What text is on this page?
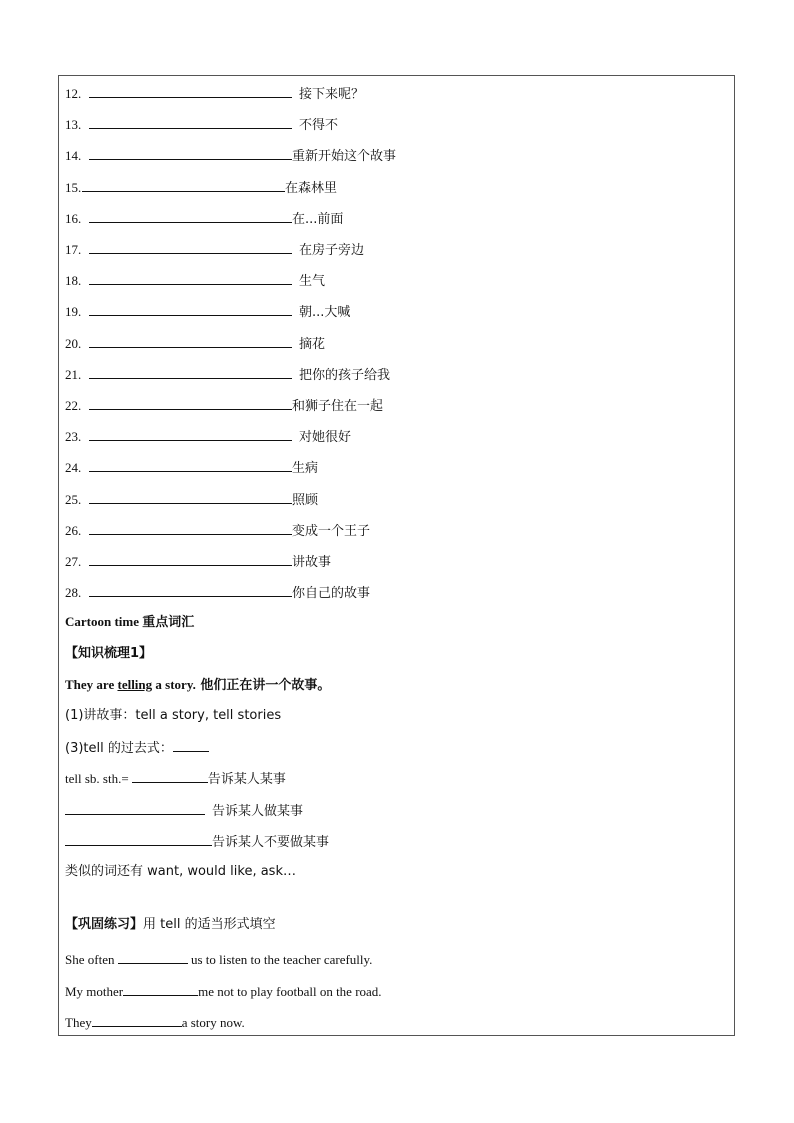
12.	接下来呢？
13.	不得不
14.	重新开始这个故事
15.	在森林里
16.	在...前面
17.	在房子旁边
18.	生气
19.	朝...大喊
20.	摘花
21.	把你的孩子给我
22.	和狮子住在一起
23.	对她很好
24.	生病
25.	照顾
26.	变成一个王子
27.	讲故事
28.	你自己的故事
Cartoon time 重点词汇
【知识梳理1】
They are telling a story. 他们正在讲一个故事。
(1)讲故事：tell a story, tell stories
(3)tell 的过去式：
tell sb. sth.=	告诉某人某事
告诉某人做某事
告诉某人不要做某事
类似的词还有 want, would like, ask…
【巩固练习】用 tell 的适当形式填空
She often	us to listen to the teacher carefully.
My mother	me not to play football on the road.
They	a story now.
